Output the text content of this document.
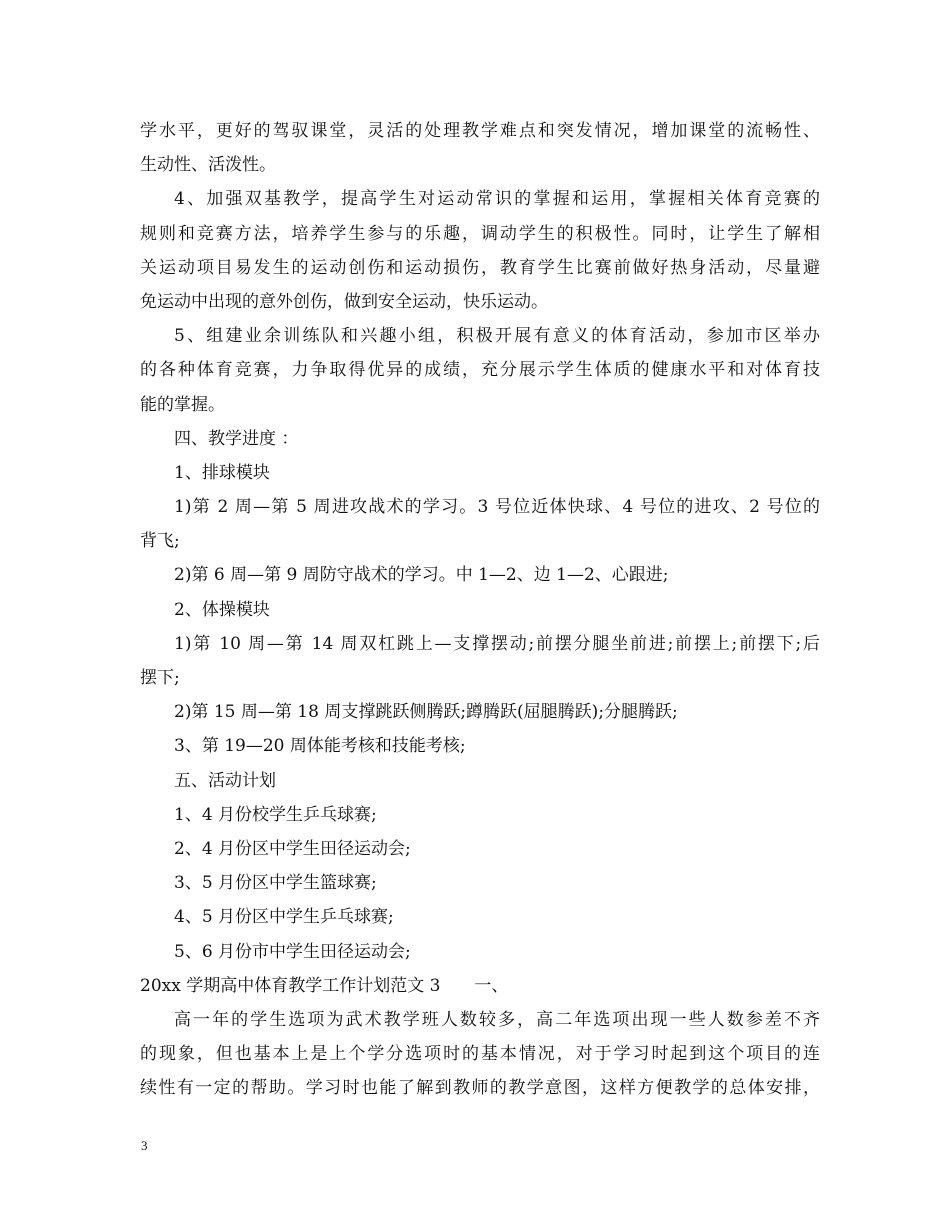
学水平，更好的驾驭课堂，灵活的处理教学难点和突发情况，增加课堂的流畅性、
生动性、活泼性。
4、加强双基教学，提高学生对运动常识的掌握和运用，掌握相关体育竞赛的
规则和竞赛方法，培养学生参与的乐趣，调动学生的积极性。同时，让学生了解相
关运动项目易发生的运动创伤和运动损伤，教育学生比赛前做好热身活动，尽量避
免运动中出现的意外创伤，做到安全运动，快乐运动。
5、组建业余训练队和兴趣小组，积极开展有意义的体育活动，参加市区举办
的各种体育竞赛，力争取得优异的成绩，充分展示学生体质的健康水平和对体育技
能的掌握。
四、教学进度 ：
1、排球模块
1)第 2 周—第 5 周进攻战术的学习。3 号位近体快球、4 号位的进攻、2 号位的
背飞;
2)第 6 周—第 9 周防守战术的学习。中 1—2、边 1—2、心跟进;
2、体操模块
1)第 10 周—第 14 周双杠跳上—支撑摆动;前摆分腿坐前进;前摆上;前摆下;后
摆下;
2)第 15 周—第 18 周支撑跳跃侧腾跃;蹲腾跃(屈腿腾跃);分腿腾跃;
3、第 19—20 周体能考核和技能考核;
五、活动计划
1、4 月份校学生乒乓球赛;
2、4 月份区中学生田径运动会;
3、5 月份区中学生篮球赛;
4、5 月份区中学生乒乓球赛;
5、6 月份市中学生田径运动会;
20xx 学期高中体育教学工作计划范文 3　　一、
高一年的学生选项为武术教学班人数较多，高二年选项出现一些人数参差不齐
的现象，但也基本上是上个学分选项时的基本情况，对于学习时起到这个项目的连
续性有一定的帮助。学习时也能了解到教师的教学意图，这样方便教学的总体安排，
3
